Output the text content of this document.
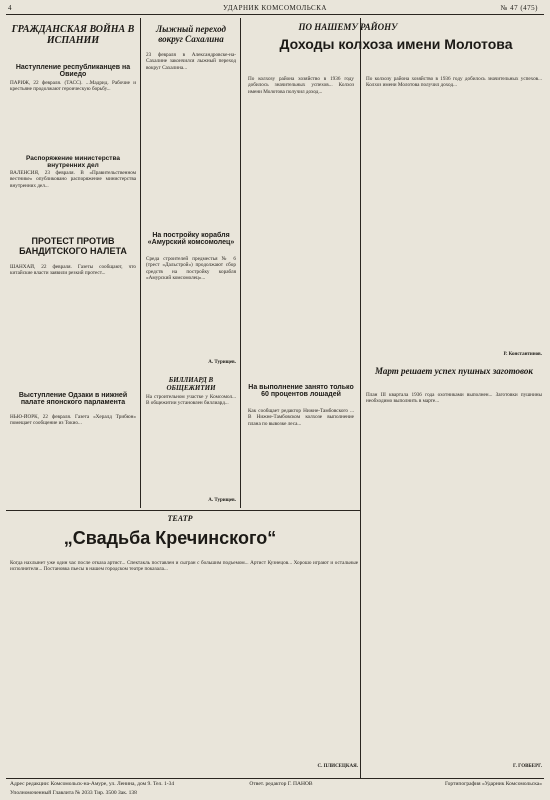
4	УДАРНИК КОМСОМОЛЬСКА	№ 47 (475)
ГРАЖДАНСКАЯ ВОЙНА В ИСПАНИИ
Наступление республиканцев на Овиедо
ПАРИЖ, 22 февраля. (ТАСС). ...Мадрид. Рабочие и крестьяне продолжают героическую борьбу...
Распоряжение министерства внутренних дел
ВАЛЕНСИЯ, 23 февраля. В «Правительственном вестнике» опубликовано распоряжение министерства внутренних дел...
ПРОТЕСТ ПРОТИВ БАНДИТСКОГО НАЛЕТА
ШАНХАЙ, 22 февраля. Газеты сообщают, что китайские власти заявили резкий протест...
Выступление Одзаки в нижней палате японского парламента
НЬЮ-ЙОРК, 22 февраля. Газета «Хералд Трибюн» помещает сообщение из Токио...
Лыжный переход вокруг Сахалина
23 февраля в Александровске-на-Сахалине закончился лыжный переход вокруг Сахалина...
На постройку корабля «Амурский комсомолец»
Среда строителей предместья № 6 (трест «Дальстрой») продолжают сбор средств на постройку корабля «Амурский комсомолец»...
А. Турищев.
БИЛЛИАРД В ОБЩЕЖИТИИ
На строительном участке у Комсомол... В общежитии установлен биллиард...
А. Турищев.
ПО НАШЕМУ РАЙОНУ
Доходы колхоза имени Молотова
По колхозу района хозяйство в 1936 году добилось значительных успехов... Колхоз имени Молотова получил доход...
По колхозу района хозяйство в 1936 году добилось значительных успехов... Колхоз имени Молотова получил доход...
На выполнение занято только 60 процентов лошадей
Как сообщает редактор Нижне-Тамбовского ... В Нижне-Тамбовском колхозе выполнение плана по вывозке леса...
Р. Константинов.
Март решает успех пушных заготовок
План III квартала 1936 года охотниками выполнен... Заготовки пушнины необходимо выполнить в марте...
ТЕАТР
„Свадьба Кречинского“
Когда нахлынет уже один час после отказа артист... Спектакль поставлен и сыгран с большим подъемом... Артист Кузнецов... Хорошо играют и остальные исполнители... Постановка пьесы в нашем городском театре показала...
С. ПЛИСЕЦКАЯ.	Г. ГОВБЕРГ.
Адрес редакции: Комсомольск-на-Амуре, ул. Ленина, дом 9. Тел. 1-34	Ответ. редактор Г. ПАНОВ	Гортипография «Ударник Комсомольска»
Уполномоченный Главлита № 2033 Тир. 3500 Зак. 138
